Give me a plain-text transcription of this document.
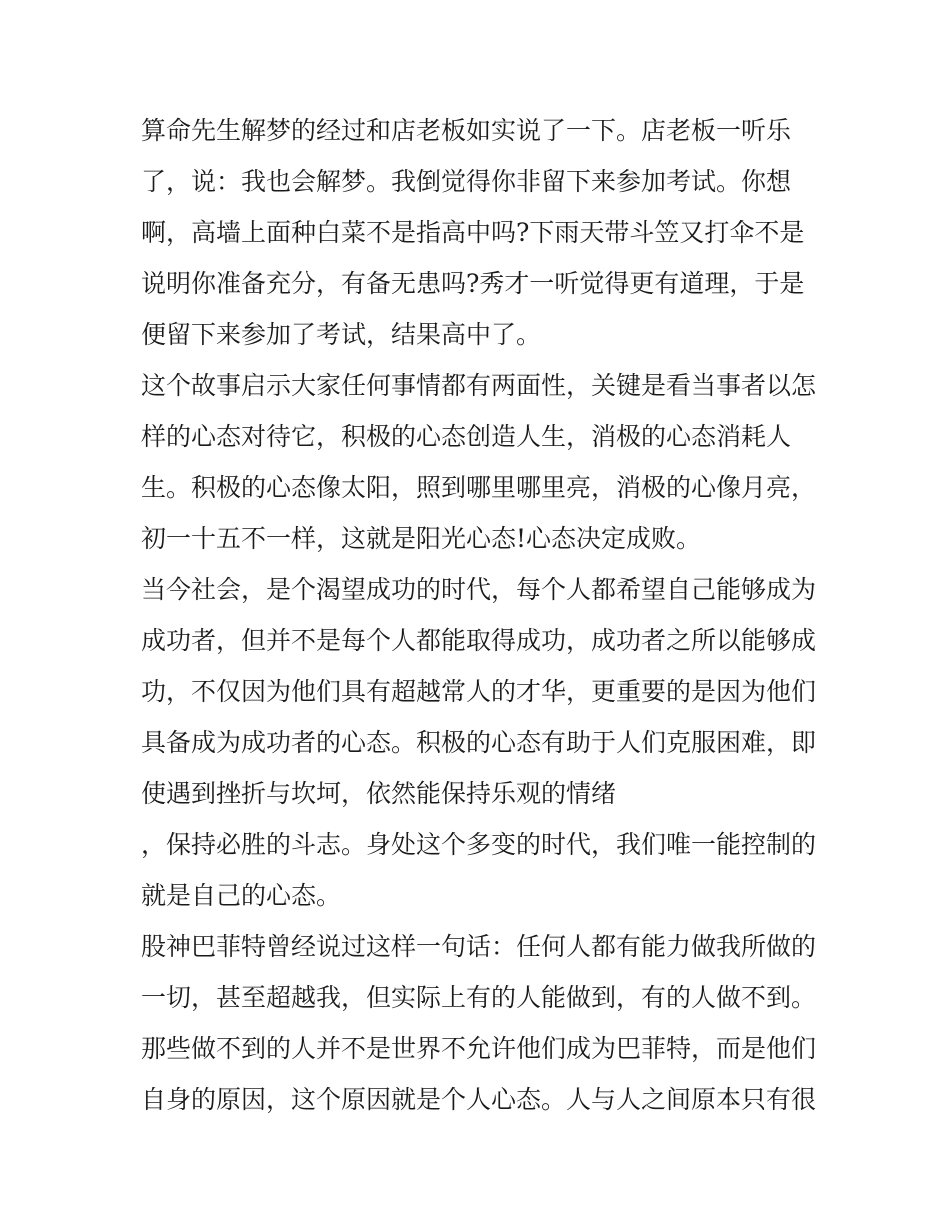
算命先生解梦的经过和店老板如实说了一下。店老板一听乐
了，说：我也会解梦。我倒觉得你非留下来参加考试。你想
啊，高墙上面种白菜不是指高中吗?下雨天带斗笠又打伞不是
说明你准备充分，有备无患吗?秀才一听觉得更有道理，于是
便留下来参加了考试，结果高中了。
这个故事启示大家任何事情都有两面性，关键是看当事者以怎
样的心态对待它，积极的心态创造人生，消极的心态消耗人
生。积极的心态像太阳，照到哪里哪里亮，消极的心像月亮，
初一十五不一样，这就是阳光心态!心态决定成败。
当今社会，是个渴望成功的时代，每个人都希望自己能够成为
成功者，但并不是每个人都能取得成功，成功者之所以能够成
功，不仅因为他们具有超越常人的才华，更重要的是因为他们
具备成为成功者的心态。积极的心态有助于人们克服困难，即
使遇到挫折与坎坷，依然能保持乐观的情绪
，保持必胜的斗志。身处这个多变的时代，我们唯一能控制的
就是自己的心态。
股神巴菲特曾经说过这样一句话：任何人都有能力做我所做的
一切，甚至超越我，但实际上有的人能做到，有的人做不到。
那些做不到的人并不是世界不允许他们成为巴菲特，而是他们
自身的原因，这个原因就是个人心态。人与人之间原本只有很
